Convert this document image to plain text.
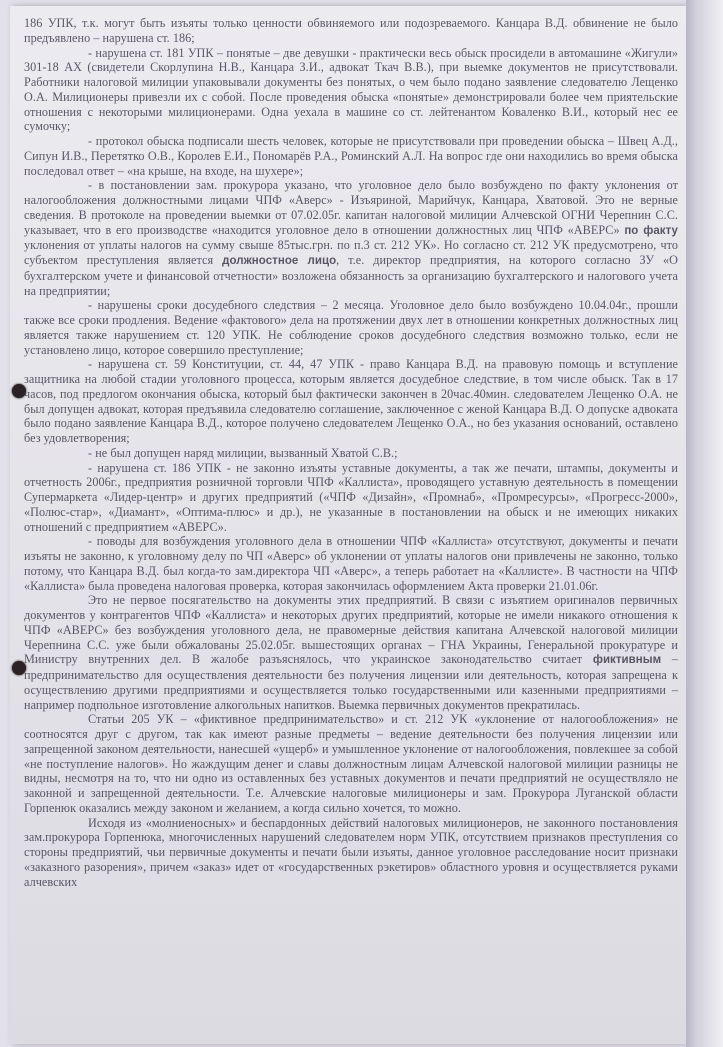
186 УПК, т.к. могут быть изъяты только ценности обвиняемого или подозреваемого. Канцара В.Д. обвинение не было предъявлено – нарушена ст. 186;

- нарушена ст. 181 УПК – понятые – две девушки - практически весь обыск просидели в автомашине «Жигули» 301-18 АХ (свидетели Скорлупина Н.В., Канцара З.И., адвокат Ткач В.В.), при выемке документов не присутствовали. Работники налоговой милиции упаковывали документы без понятых, о чем было подано заявление следователю Лещенко О.А. Милиционеры привезли их с собой. После проведения обыска «понятые» демонстрировали более чем приятельские отношения с некоторыми милиционерами. Одна уехала в машине со ст. лейтенантом Коваленко В.И., который нес ее сумочку;

- протокол обыска подписали шесть человек, которые не присутствовали при проведении обыска – Швец А.Д., Сипун И.В., Перетятко О.В., Королев Е.И., Пономарёв Р.А., Роминский А.Л. На вопрос где они находились во время обыска последовал ответ – «на крыше, на входе, на шухере»;

- в постановлении зам. прокурора указано, что уголовное дело было возбуждено по факту уклонения от налогообложения должностными лицами ЧПФ «Аверс» - Изъяриной, Марийчук, Канцара, Хватовой. Это не верные сведения. В протоколе на проведении выемки от 07.02.05г. капитан налоговой милиции Алчевской ОГНИ Черепнин С.С. указывает, что в его производстве «находится уголовное дело в отношении должностных лиц ЧПФ «АВЕРС» по факту уклонения от уплаты налогов на сумму свыше 85тыс.грн. по п.3 ст. 212 УК». Но согласно ст. 212 УК предусмотрено, что субъектом преступления является должностное лицо, т.е. директор предприятия, на которого согласно ЗУ «О бухгалтерском учете и финансовой отчетности» возложена обязанность за организацию бухгалтерского и налогового учета на предприятии;

- нарушены сроки досудебного следствия – 2 месяца. Уголовное дело было возбуждено 10.04.04г., прошли также все сроки продления. Ведение «фактового» дела на протяжении двух лет в отношении конкретных должностных лиц является также нарушением ст. 120 УПК. Не соблюдение сроков досудебного следствия возможно только, если не установлено лицо, которое совершило преступление;

- нарушена ст. 59 Конституции, ст. 44, 47 УПК - право Канцара В.Д. на правовую помощь и вступление защитника на любой стадии уголовного процесса, которым является досудебное следствие, в том числе обыск. Так в 17 часов, под предлогом окончания обыска, который был фактически закончен в 20час.40мин. следователем Лещенко О.А. не был допущен адвокат, которая предъявила следователю соглашение, заключенное с женой Канцара В.Д. О допуске адвоката было подано заявление Канцара В.Д., которое получено следователем Лещенко О.А., но без указания оснований, оставлено без удовлетворения;

- не был допущен наряд милиции, вызванный Хватой С.В.;

- нарушена ст. 186 УПК - не законно изъяты уставные документы, а так же печати, штампы, документы и отчетность 2006г., предприятия розничной торговли ЧПФ «Каллиста», проводящего уставную деятельность в помещении Супермаркета «Лидер-центр» и других предприятий («ЧПФ «Дизайн», «Промнаб», «Промресурсы», «Прогресс-2000», «Полюс-стар», «Диамант», «Оптима-плюс» и др.), не указанные в постановлении на обыск и не имеющих никаких отношений с предприятием «АВЕРС».

- поводы для возбуждения уголовного дела в отношении ЧПФ «Каллиста» отсутствуют, документы и печати изъяты не законно, к уголовному делу по ЧП «Аверс» об уклонении от уплаты налогов они привлечены не законно, только потому, что Канцара В.Д. был когда-то зам.директора ЧП «Аверс», а теперь работает на «Каллисте». В частности на ЧПФ «Каллиста» была проведена налоговая проверка, которая закончилась оформлением Акта проверки 21.01.06г.

Это не первое посягательство на документы этих предприятий. В связи с изъятием оригиналов первичных документов у контрагентов ЧПФ «Каллиста» и некоторых других предприятий, которые не имели никакого отношения к ЧПФ «АВЕРС» без возбуждения уголовного дела, не правомерные действия капитана Алчевской налоговой милиции Черепнина С.С. уже были обжалованы 25.02.05г. вышестоящих органах – ГНА Украины, Генеральной прокуратуре и Министру внутренних дел. В жалобе разъяснялось, что украинское законодательство считает фиктивным – предпринимательство для осуществления деятельности без получения лицензии или деятельность, которая запрещена к осуществлению другими предприятиями и осуществляется только государственными или казенными предприятиями – например подпольное изготовление алкогольных напитков. Выемка первичных документов прекратилась.

Статьи 205 УК – «фиктивное предпринимательство» и ст. 212 УК «уклонение от налогообложения» не соотносятся друг с другом, так как имеют разные предметы – ведение деятельности без получения лицензии или запрещенной законом деятельности, нанесшей «ущерб» и умышленное уклонение от налогообложения, повлекшее за собой «не поступление налогов». Но жаждущим денег и славы должностным лицам Алчевской налоговой милиции разницы не видны, несмотря на то, что ни одно из оставленных без уставных документов и печати предприятий не осуществляло не законной и запрещенной деятельности. Т.е. Алчевские налоговые милиционеры и зам. Прокурора Луганской области Горпенюк оказались между законом и желанием, а когда сильно хочется, то можно.

Исходя из «молниеносных» и беспардонных действий налоговых милиционеров, не законного постановления зам.прокурора Горпенюка, многочисленных нарушений следователем норм УПК, отсутствием признаков преступления со стороны предприятий, чьи первичные документы и печати были изъяты, данное уголовное расследование носит признаки «заказного разорения», причем «заказ» идет от «государственных рэкетиров» областного уровня и осуществляется руками алчевских
